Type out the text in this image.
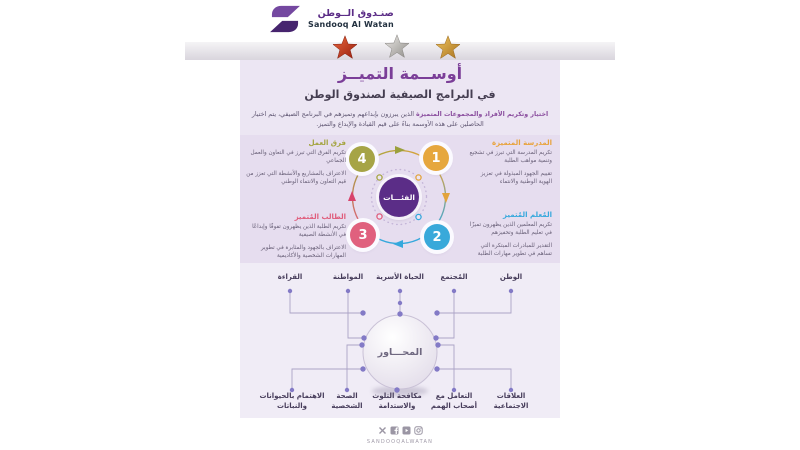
صنـدوق الــوطن
Sandooq Al Watan
أوســمة التميــز
في البرامج الصيفية لصندوق الوطن
اختيار وتكريم الأفراد والمجموعات المتميزة الذين يبرزون بإبداعهم وتميزهم في البرنامج الصيفي، يتم اختيار الحاصلين على هذه الأوسمة بناءً على قيم القيادة والإبداع والتميز.
1
2
3
4
الفئـــات
المدرسة المتميزة

تكريم المدرسة التي تبرز في تشجيع وتنمية مواهب الطلبة

تقييم الجهود المبذولة في تعزيز الهوية الوطنية والانتماء

المُعلم المُتميز

تكريم المعلمين الذين يظهرون تميزًا في تعليم الطلبة وتحفيزهم

التقدير للمبادرات المبتكرة التي تساهم في تطوير مهارات الطلبة

الطالب المُتميز

تكريم الطلبة الذين يظهرون تفوقًا وإبداعًا في الأنشطة الصيفية

الاعتراف بالجهود والمثابرة في تطوير المهارات الشخصية والأكاديمية

فرق العمل

تكريم الفرق التي تبرز في التعاون والعمل الجماعي

الاعتراف بالمشاريع والأنشطة التي تعزز من قيم التعاون والانتماء الوطني

المحـــاور
الوطن
المُجتمع
الحياة الأسرية
المواطنة
القراءة
العلاقات الاجتماعية
التعامل مع أصحاب الهمم
مكافحة التلوث والاستدامة
الصحة الشخصية
الاهتمام بالحيوانات والنباتات
SANDOOQALWATAN
